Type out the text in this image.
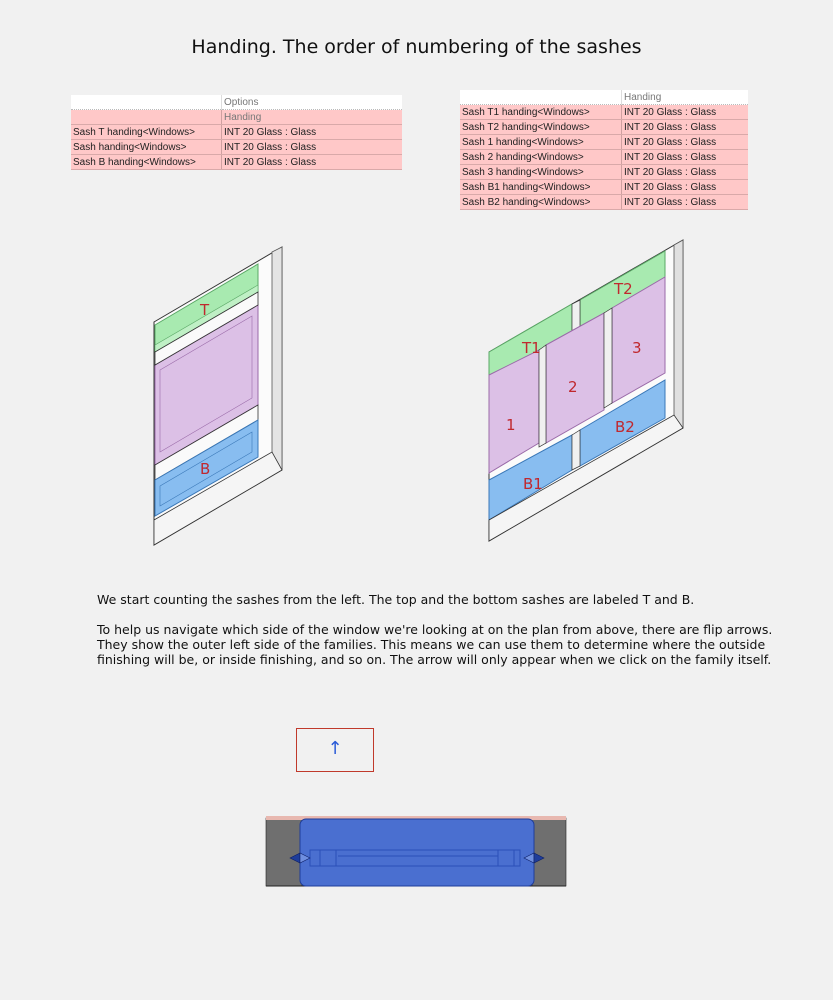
Handing. The order of numbering of the sashes
	Options
	Handing
Sash T handing<Windows>	INT 20 Glass : Glass
Sash handing<Windows>	INT 20 Glass : Glass
Sash B handing<Windows>	INT 20 Glass : Glass
	Handing
Sash T1 handing<Windows>	INT 20 Glass : Glass
Sash T2 handing<Windows>	INT 20 Glass : Glass
Sash 1 handing<Windows>	INT 20 Glass : Glass
Sash 2 handing<Windows>	INT 20 Glass : Glass
Sash 3 handing<Windows>	INT 20 Glass : Glass
Sash B1 handing<Windows>	INT 20 Glass : Glass
Sash B2 handing<Windows>	INT 20 Glass : Glass
T
B
T1
T2
1
2
3
B1
B2
We start counting the sashes from the left. The top and the bottom sashes are labeled T and B.
To help us navigate which side of the window we're looking at on the plan from above, there are flip arrows. They show the outer left side of the families. This means we can use them to determine where the outside finishing will be, or inside finishing, and so on. The arrow will only appear when we click on the family itself.
↑
